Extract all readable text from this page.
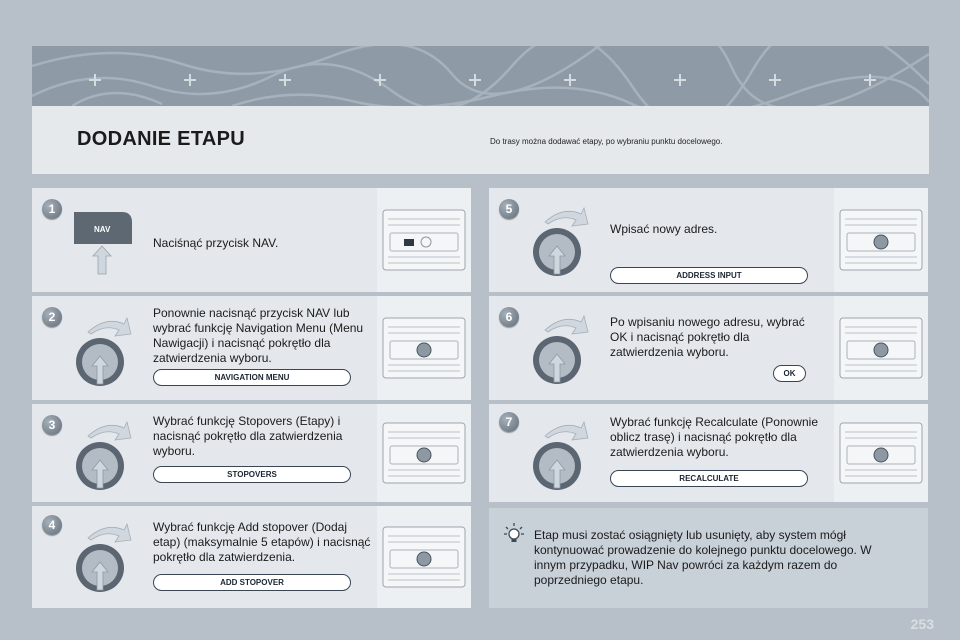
DODANIE ETAPU	Do trasy można dodawać etapy, po wybraniu punktu docelowego.
1
NAV
Naciśnąć przycisk NAV.
2	Ponownie nacisnąć przycisk NAV lub wybrać funkcję Navigation Menu (Menu Nawigacji) i nacisnąć pokrętło dla zatwierdzenia wyboru.
NAVIGATION MENU
3	Wybrać funkcję Stopovers (Etapy) i nacisnąć pokrętło dla zatwierdzenia wyboru.
STOPOVERS
4	Wybrać funkcję Add stopover (Dodaj etap) (maksymalnie 5 etapów) i nacisnąć pokrętło dla zatwierdzenia.
ADD STOPOVER
5
Wpisać nowy adres.
ADDRESS INPUT
6	Po wpisaniu nowego adresu, wybrać OK i nacisnąć pokrętło dla zatwierdzenia wyboru.
OK
7	Wybrać funkcję Recalculate (Ponownie oblicz trasę) i nacisnąć pokrętło dla zatwierdzenia wyboru.
RECALCULATE
Etap musi zostać osiągnięty lub usunięty, aby system mógł kontynuować prowadzenie do kolejnego punktu docelowego. W innym przypadku, WIP Nav powróci za każdym razem do poprzedniego etapu.
253
